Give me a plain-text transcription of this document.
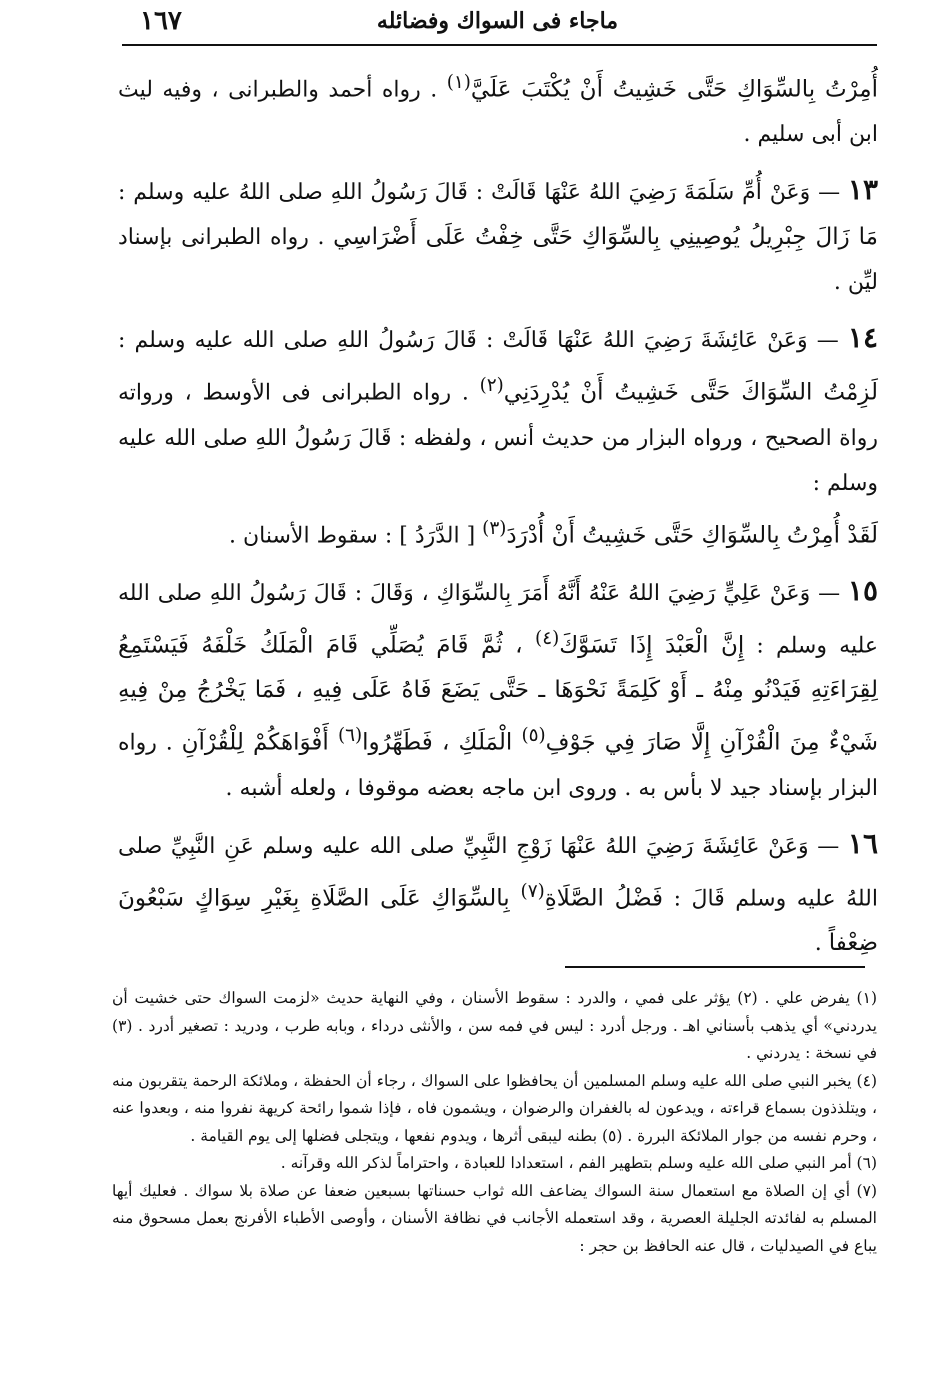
ماجاء فى السواك وفضائله
١٦٧

أُمِرْتُ بِالسِّوَاكِ حَتَّى خَشِيتُ أَنْ يُكْتَبَ عَلَيَّ$^{(١)}$ . رواه أحمد والطبرانى ، وفيه ليث ابن أبى سليم .

١٣ — وَعَنْ أُمِّ سَلَمَةَ رَضِيَ اللهُ عَنْهَا قَالَتْ : قَالَ رَسُولُ اللهِ صلى اللهُ عليه وسلم : مَا زَالَ جِبْرِيلُ يُوصِينِي بِالسِّوَاكِ حَتَّى خِفْتُ عَلَى أَضْرَاسِي . رواه الطبرانى بإسناد ليِّن .

١٤ — وَعَنْ عَائِشَةَ رَضِيَ اللهُ عَنْهَا قَالَتْ : قَالَ رَسُولُ اللهِ صلى الله عليه وسلم : لَزِمْتُ السِّوَاكَ حَتَّى خَشِيتُ أَنْ يُدْرِدَنِي$^{(٢)}$ . رواه الطبرانى فى الأوسط ، ورواته رواة الصحيح ، ورواه البزار من حديث أنس ، ولفظه : قَالَ رَسُولُ اللهِ صلى الله عليه وسلم :
لَقَدْ أُمِرْتُ بِالسِّوَاكِ حَتَّى خَشِيتُ أَنْ أُدْرَدَ$^{(٣)}$ [ الدَّرَدُ ] : سقوط الأسنان .

١٥ — وَعَنْ عَلِيٍّ رَضِيَ اللهُ عَنْهُ أَنَّهُ أَمَرَ بِالسِّوَاكِ ، وَقَالَ : قَالَ رَسُولُ اللهِ صلى الله عليه وسلم : إِنَّ الْعَبْدَ إِذَا تَسَوَّكَ$^{(٤)}$ ، ثُمَّ قَامَ يُصَلِّي قَامَ الْمَلَكُ خَلْفَهُ فَيَسْتَمِعُ لِقِرَاءَتِهِ فَيَدْنُو مِنْهُ ـ أَوْ كَلِمَةً نَحْوَهَا ـ حَتَّى يَضَعَ فَاهُ عَلَى فِيهِ ، فَمَا يَخْرُجُ مِنْ فِيهِ شَيْءٌ مِنَ الْقُرْآنِ إِلَّا صَارَ فِي جَوْفِ$^{(٥)}$ الْمَلَكِ ، فَطَهِّرُوا$^{(٦)}$ أَفْوَاهَكُمْ لِلْقُرْآنِ . رواه البزار بإسناد جيد لا بأس به . وروى ابن ماجه بعضه موقوفا ، ولعله أشبه .

١٦ — وَعَنْ عَائِشَةَ رَضِيَ اللهُ عَنْهَا زَوْجِ النَّبِيِّ صلى الله عليه وسلم عَنِ النَّبِيِّ صلى اللهُ عليه وسلم قَالَ : فَضْلُ الصَّلَاةِ$^{(٧)}$ بِالسِّوَاكِ عَلَى الصَّلَاةِ بِغَيْرِ سِوَاكٍ سَبْعُونَ ضِعْفاً .

(١) يفرض علي . (٢) يؤثر على فمي ، والدرد : سقوط الأسنان ، وفي النهاية حديث «لزمت السواك حتى خشيت أن يدردني» أي يذهب بأسناني اهـ . ورجل أدرد : ليس في فمه سن ، والأنثى درداء ، وبابه طرب ، ودريد : تصغير أدرد . (٣) في نسخة : يدردني .

(٤) يخبر النبي صلى الله عليه وسلم المسلمين أن يحافظوا على السواك ، رجاء أن الحفظة ، وملائكة الرحمة يتقربون منه ، ويتلذذون بسماع قراءته ، ويدعون له بالغفران والرضوان ، ويشمون فاه ، فإذا شموا رائحة كريهة نفروا منه ، وبعدوا عنه ، وحرم نفسه من جوار الملائكة البررة . (٥) بطنه ليبقى أثرها ، ويدوم نفعها ، ويتجلى فضلها إلى يوم القيامة .

(٦) أمر النبي صلى الله عليه وسلم بتطهير الفم ، استعدادا للعبادة ، واحتراماً لذكر الله وقرآنه .

(٧) أي إن الصلاة مع استعمال سنة السواك يضاعف الله ثواب حسناتها بسبعين ضعفا عن صلاة بلا سواك . فعليك أيها المسلم به لفائدته الجليلة العصرية ، وقد استعمله الأجانب في نظافة الأسنان ، وأوصى الأطباء الأفرنج بعمل مسحوق منه يباع في الصيدليات ، قال عنه الحافظ بن حجر :
